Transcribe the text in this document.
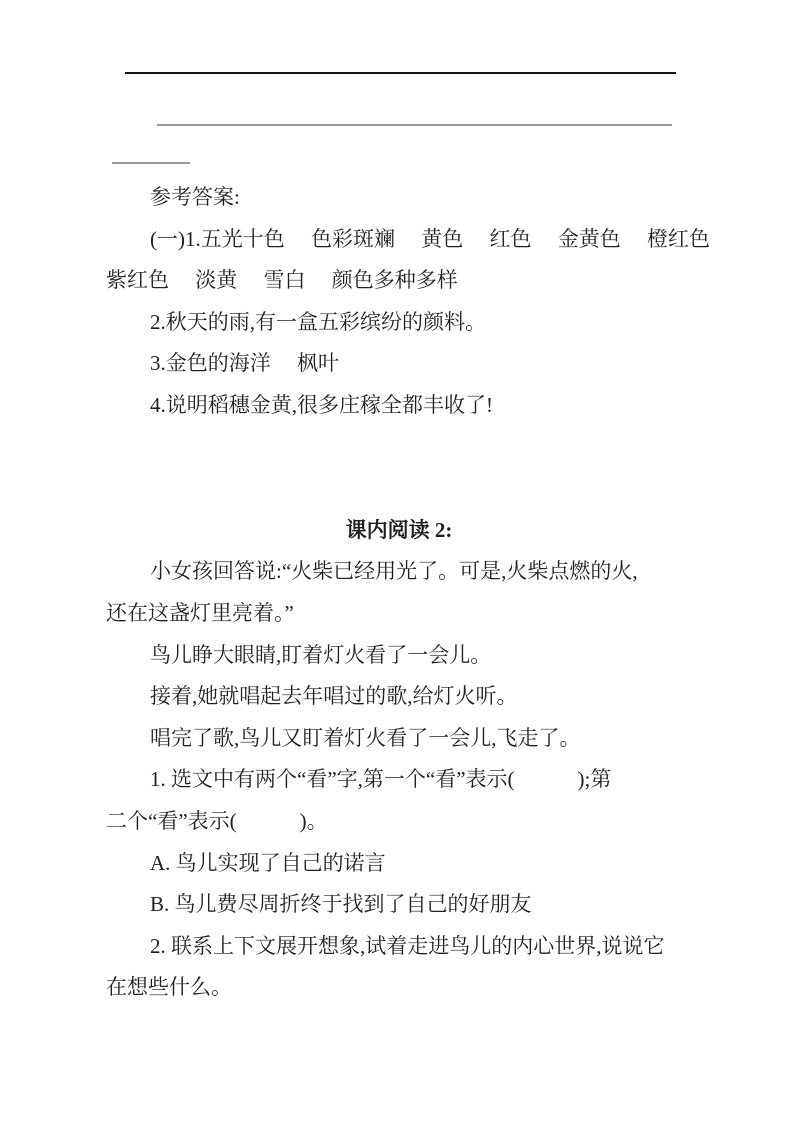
参考答案:
(一)1.五光十色　 色彩斑斓　 黄色　 红色　 金黄色　 橙红色
紫红色　 淡黄　 雪白　 颜色多种多样
2.秋天的雨,有一盒五彩缤纷的颜料。
3.金色的海洋　 枫叶
4.说明稻穗金黄,很多庄稼全都丰收了!
课内阅读 2:
小女孩回答说:“火柴已经用光了。可是,火柴点燃的火,
还在这盏灯里亮着。”
鸟儿睁大眼睛,盯着灯火看了一会儿。
接着,她就唱起去年唱过的歌,给灯火听。
唱完了歌,鸟儿又盯着灯火看了一会儿,飞走了。
1. 选文中有两个“看”字,第一个“看”表示(　　　);第
二个“看”表示(　　　)。
A. 鸟儿实现了自己的诺言
B. 鸟儿费尽周折终于找到了自己的好朋友
2. 联系上下文展开想象,试着走进鸟儿的内心世界,说说它
在想些什么。
